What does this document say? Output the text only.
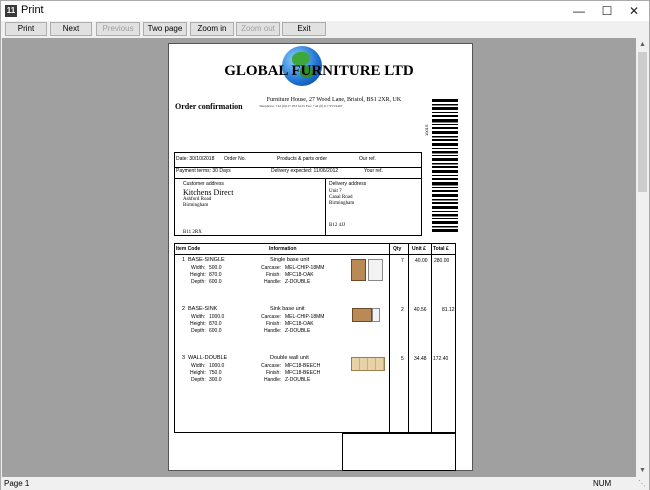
11 Print	—	☐	✕
Print	Next	Previous	Two page	Zoom in	Zoom out	Exit
GLOBAL FURNITURE LTD
Furniture House, 27 Wood Lane, Bristol, BS1 2XR, UK
Telephone: +44 (0)117 953 6125 Fax: +44 (0)117 953 6467
Order confirmation
1001S
Date: 30/10/2018 Order No.	Products & parts order	Our ref.
Payment terms: 30 Days	Delivery expected: 11/06/2012	Your ref.
Customer address
Kitchens Direct
Ashford Road
Birmingham
B11 2RX
Delivery address
Unit 7
Canal Road
Birmingham
B12 4JJ
Item Code	Information	Qty Unit £ Total £
1 BASE-SINGLE
Width: 500.0
Height: 870.0
Depth: 600.0
Single base unit
Carcase: MEL-CHIP-18MM
Finish: MFC18-OAK
Handle: Z-DOUBLE
7 40.00 280.00
2 BASE-SINK
Width: 1000.0
Height: 870.0
Depth: 600.0
Sink base unit
Carcase: MEL-CHIP-18MM
Finish: MFC18-OAK
Handle: Z-DOUBLE
2 40.56	81.12
3 WALL-DOUBLE
Width: 1000.0
Height: 750.0
Depth: 300.0
Double wall unit
Carcase: MFC18-BEECH
Finish: MFC18-BEECH
Handle: Z-DOUBLE
5 34.48 172.40
▲
▼
Page 1	NUM	⋱
